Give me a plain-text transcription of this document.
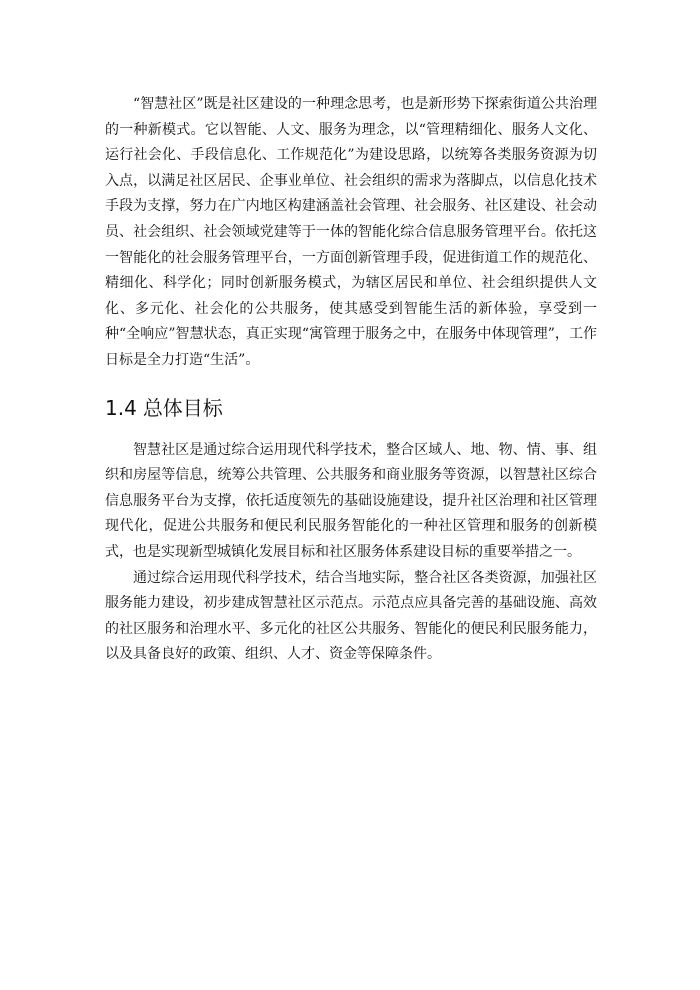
“智慧社区”既是社区建设的一种理念思考，也是新形势下探索街道公共治理的一种新模式。它以智能、人文、服务为理念，以“管理精细化、服务人文化、运行社会化、手段信息化、工作规范化”为建设思路，以统筹各类服务资源为切入点，以满足社区居民、企事业单位、社会组织的需求为落脚点，以信息化技术手段为支撑，努力在广内地区构建涵盖社会管理、社会服务、社区建设、社会动员、社会组织、社会领域党建等于一体的智能化综合信息服务管理平台。依托这一智能化的社会服务管理平台，一方面创新管理手段，促进街道工作的规范化、精细化、科学化；同时创新服务模式，为辖区居民和单位、社会组织提供人文化、多元化、社会化的公共服务，使其感受到智能生活的新体验，享受到一种“全响应”智慧状态，真正实现“寓管理于服务之中，在服务中体现管理”，工作日标是全力打造“生活”。

1.4 总体目标

智慧社区是通过综合运用现代科学技术，整合区域人、地、物、情、事、组织和房屋等信息，统筹公共管理、公共服务和商业服务等资源，以智慧社区综合信息服务平台为支撑，依托适度领先的基础设施建设，提升社区治理和社区管理现代化，促进公共服务和便民利民服务智能化的一种社区管理和服务的创新模式，也是实现新型城镇化发展目标和社区服务体系建设目标的重要举措之一。

通过综合运用现代科学技术，结合当地实际，整合社区各类资源，加强社区服务能力建设，初步建成智慧社区示范点。示范点应具备完善的基础设施、高效的社区服务和治理水平、多元化的社区公共服务、智能化的便民利民服务能力，以及具备良好的政策、组织、人才、资金等保障条件。
